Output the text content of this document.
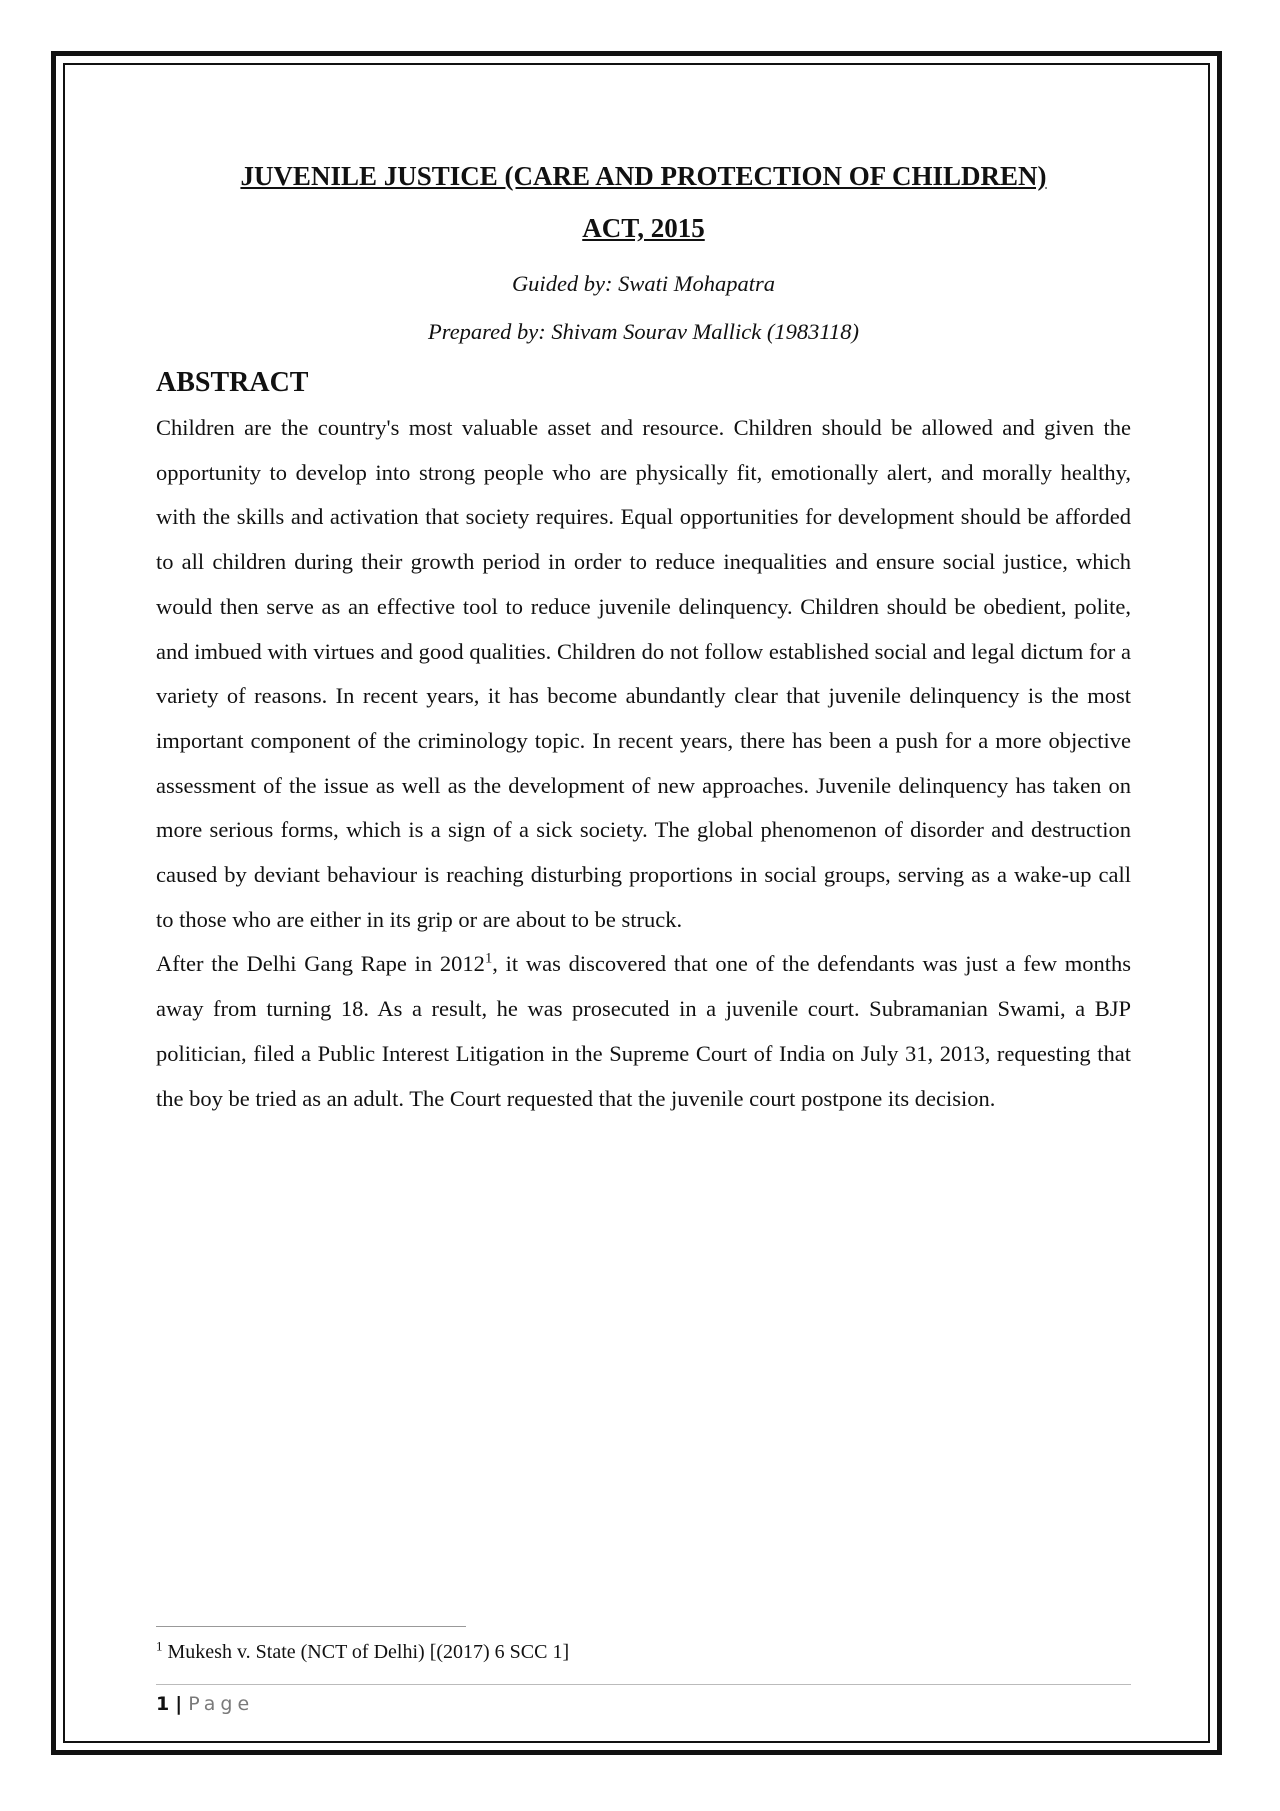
JUVENILE JUSTICE (CARE AND PROTECTION OF CHILDREN)

ACT, 2015

Guided by: Swati Mohapatra

Prepared by: Shivam Sourav Mallick (1983118)

ABSTRACT

Children are the country's most valuable asset and resource. Children should be allowed and given the opportunity to develop into strong people who are physically fit, emotionally alert, and morally healthy, with the skills and activation that society requires. Equal opportunities for development should be afforded to all children during their growth period in order to reduce inequalities and ensure social justice, which would then serve as an effective tool to reduce juvenile delinquency. Children should be obedient, polite, and imbued with virtues and good qualities. Children do not follow established social and legal dictum for a variety of reasons. In recent years, it has become abundantly clear that juvenile delinquency is the most important component of the criminology topic. In recent years, there has been a push for a more objective assessment of the issue as well as the development of new approaches. Juvenile delinquency has taken on more serious forms, which is a sign of a sick society. The global phenomenon of disorder and destruction caused by deviant behaviour is reaching disturbing proportions in social groups, serving as a wake-up call to those who are either in its grip or are about to be struck.

After the Delhi Gang Rape in 2012$^1$, it was discovered that one of the defendants was just a few months away from turning 18. As a result, he was prosecuted in a juvenile court. Subramanian Swami, a BJP politician, filed a Public Interest Litigation in the Supreme Court of India on July 31, 2013, requesting that the boy be tried as an adult. The Court requested that the juvenile court postpone its decision.

$^1$ Mukesh v. State (NCT of Delhi) [(2017) 6 SCC 1]
1 | Page
